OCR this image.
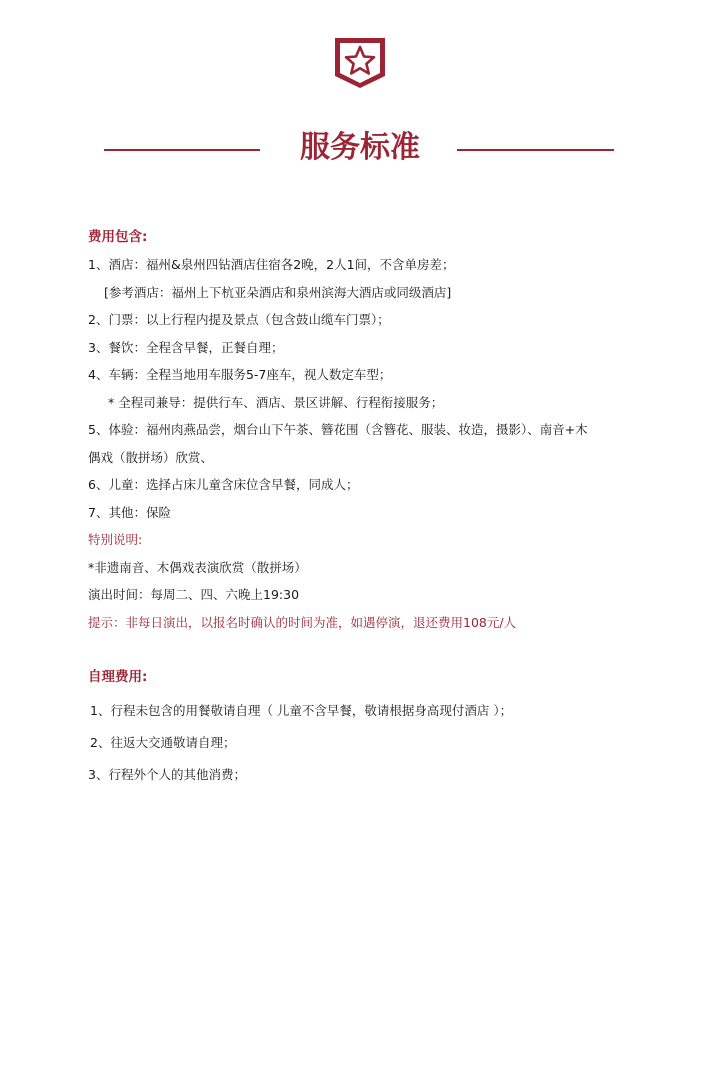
服务标准
费用包含:
1、酒店：福州&泉州四钻酒店住宿各2晚，2人1间，不含单房差；
[参考酒店：福州上下杭亚朵酒店和泉州滨海大酒店或同级酒店]
2、门票：以上行程内提及景点（包含鼓山缆车门票）；
3、餐饮：全程含早餐，正餐自理；
4、车辆：全程当地用车服务5-7座车，视人数定车型；
* 全程司兼导：提供行车、酒店、景区讲解、行程衔接服务；
5、体验：福州肉燕品尝，烟台山下午茶、簪花围（含簪花、服装、妆造，摄影）、南音+木
偶戏（散拼场）欣赏、
6、儿童：选择占床儿童含床位含早餐，同成人；
7、其他：保险
特别说明:
*非遗南音、木偶戏表演欣赏（散拼场）
演出时间：每周二、四、六晚上19:30
提示：非每日演出，以报名时确认的时间为准，如遇停演，退还费用108元/人
自理费用:
1、行程未包含的用餐敬请自理（ 儿童不含早餐，敬请根据身高现付酒店 ）；
2、往返大交通敬请自理；
3、行程外个人的其他消费；
